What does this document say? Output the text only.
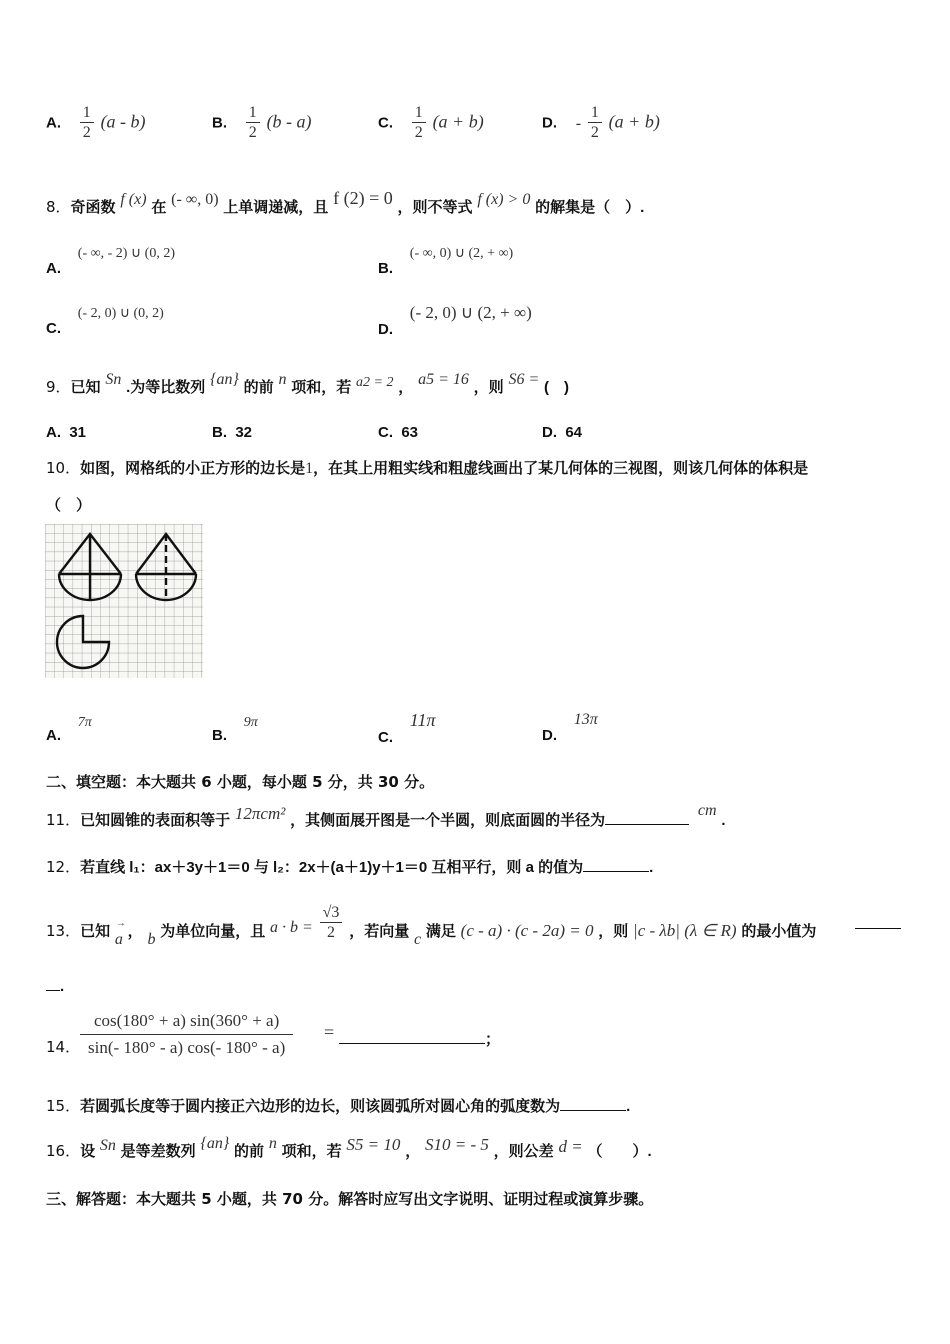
A. $\frac{1}{2} (a - b)$	B. $\frac{1}{2} (b - a)$	C. $\frac{1}{2} (a + b)$	D. - $\frac{1}{2} (a + b)$
8．奇函数 f (x) 在 (- ∞, 0) 上单调递减，且 f (2) = 0 ，则不等式 f (x) > 0 的解集是（　）.
A. (- ∞, - 2) ∪ (0, 2)
B. (- ∞, 0) ∪ (2, + ∞)
C. (- 2, 0) ∪ (0, 2)
D. (- 2, 0) ∪ (2, + ∞)
9．已知 Sn .为等比数列 {an} 的前 n 项和，若 a2 = 2 ， a5 = 16 ，则 S6 = (　)
A. 31	B. 32	C. 63	D. 64
10．如图，网格纸的小正方形的边长是1，在其上用粗实线和粗虚线画出了某几何体的三视图，则该几何体的体积是
（　）
A. 7π
B. 9π
C. 11π
D. 13π
二、填空题：本大题共 6 小题，每小题 5 分，共 30 分。
11．已知圆锥的表面积等于 12πcm² ，其侧面展开图是一个半圆，则底面圆的半径为 cm .
12．若直线 l₁：ax＋3y＋1＝0 与 l₂：2x＋(a＋1)y＋1＝0 互相平行，则 a 的值为	.
13．已知 → a ， b 为单位向量，且 $a \cdot b = \frac{√3}{2}$ ，若向量 c 满足 (c - a) · (c - 2a) = 0 ，则 |c - λb| (λ ∈ R) 的最小值为
.
14．
cos(180° + a) sin(360° + a)
sin(- 180° - a) cos(- 180° - a)
=	；
15．若圆弧长度等于圆内接正六边形的边长，则该圆弧所对圆心角的弧度数为	.
16．设 Sn 是等差数列 {an} 的前 n 项和，若 S5 = 10 ， S10 = - 5 ，则公差 d = （　　）.
三、解答题：本大题共 5 小题，共 70 分。解答时应写出文字说明、证明过程或演算步骤。
